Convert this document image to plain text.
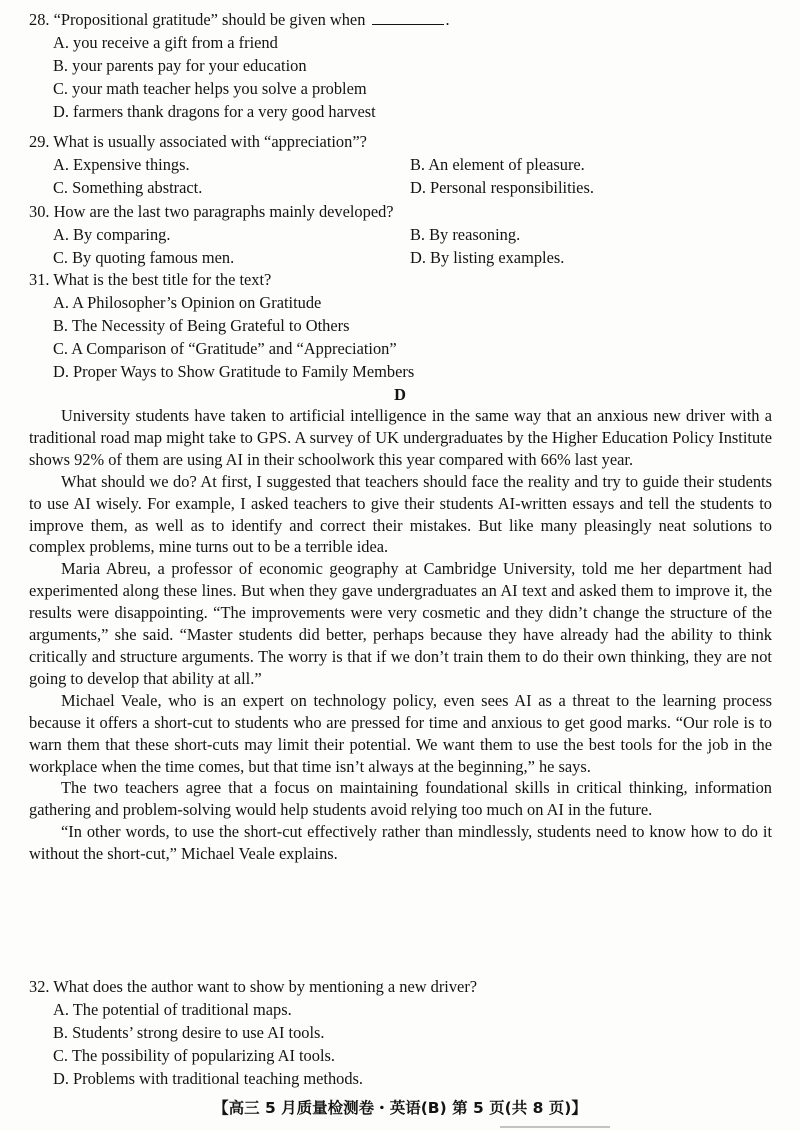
28. “Propositional gratitude” should be given when	.
A. you receive a gift from a friend
B. your parents pay for your education
C. your math teacher helps you solve a problem
D. farmers thank dragons for a very good harvest
29. What is usually associated with “appreciation”?
A. Expensive things.	B. An element of pleasure.
C. Something abstract.	D. Personal responsibilities.
30. How are the last two paragraphs mainly developed?
A. By comparing.	B. By reasoning.
C. By quoting famous men.	D. By listing examples.
31. What is the best title for the text?
A. A Philosopher’s Opinion on Gratitude
B. The Necessity of Being Grateful to Others
C. A Comparison of “Gratitude” and “Appreciation”
D. Proper Ways to Show Gratitude to Family Members
D

University students have taken to artificial intelligence in the same way that an anxious new driver with a traditional road map might take to GPS. A survey of UK undergraduates by the Higher Education Policy Institute shows 92% of them are using AI in their schoolwork this year compared with 66% last year.

What should we do? At first, I suggested that teachers should face the reality and try to guide their students to use AI wisely. For example, I asked teachers to give their students AI-written essays and tell the students to improve them, as well as to identify and correct their mistakes. But like many pleasingly neat solutions to complex problems, mine turns out to be a terrible idea.

Maria Abreu, a professor of economic geography at Cambridge University, told me her department had experimented along these lines. But when they gave undergraduates an AI text and asked them to improve it, the results were disappointing. “The improvements were very cosmetic and they didn’t change the structure of the arguments,” she said. “Master students did better, perhaps because they have already had the ability to think critically and structure arguments. The worry is that if we don’t train them to do their own thinking, they are not going to develop that ability at all.”

Michael Veale, who is an expert on technology policy, even sees AI as a threat to the learning process because it offers a short-cut to students who are pressed for time and anxious to get good marks. “Our role is to warn them that these short-cuts may limit their potential. We want them to use the best tools for the job in the workplace when the time comes, but that time isn’t always at the beginning,” he says.

The two teachers agree that a focus on maintaining foundational skills in critical thinking, information gathering and problem-solving would help students avoid relying too much on AI in the future.

“In other words, to use the short-cut effectively rather than mindlessly, students need to know how to do it without the short-cut,” Michael Veale explains.

32. What does the author want to show by mentioning a new driver?
A. The potential of traditional maps.
B. Students’ strong desire to use AI tools.
C. The possibility of popularizing AI tools.
D. Problems with traditional teaching methods.
【高三 5 月质量检测卷・英语(B) 第 5 页(共 8 页)】
